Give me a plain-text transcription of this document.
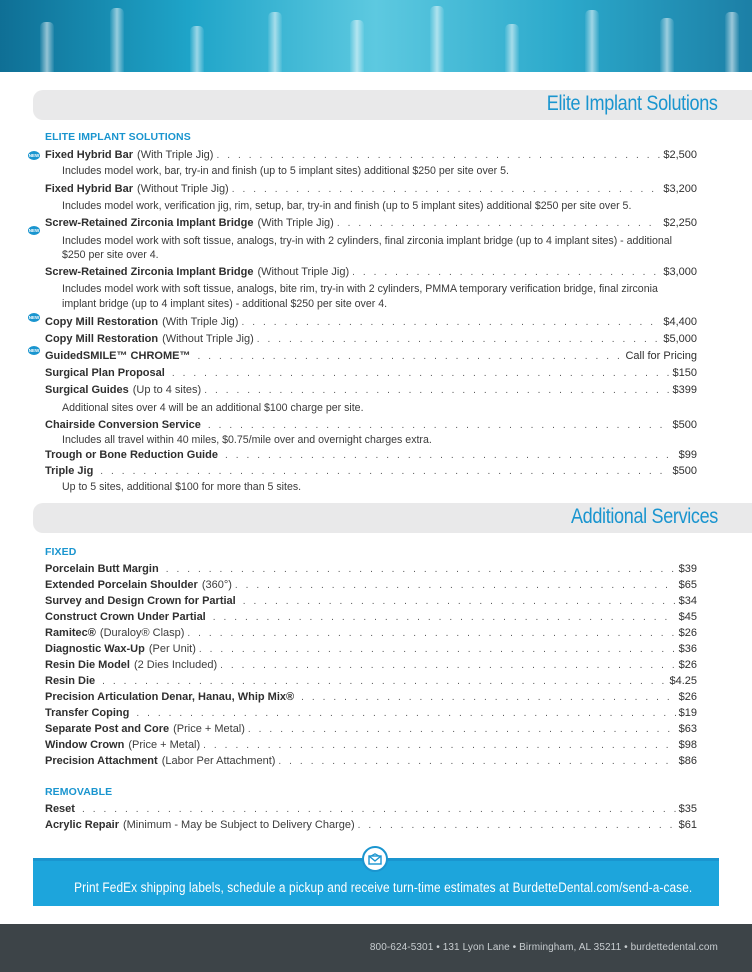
Elite Implant Solutions
ELITE IMPLANT SOLUTIONS
NEW Fixed Hybrid Bar (With Triple Jig) . . .	$2,500
Includes model work, bar, try-in and finish (up to 5 implant sites) additional $250 per site over 5.
Fixed Hybrid Bar (Without Triple Jig) . . .	$3,200
Includes model work, verification jig, rim, setup, bar, try-in and finish (up to 5 implant sites) additional $250 per site over 5.
NEW
Screw-Retained Zirconia Implant Bridge (With Triple Jig) . . .	$2,250
Includes model work with soft tissue, analogs, try-in with 2 cylinders, final zirconia implant bridge (up to 4 implant sites) - additional
$250 per site over 4.
Screw-Retained Zirconia Implant Bridge (Without Triple Jig) . . .	$3,000
Includes model work with soft tissue, analogs, bite rim, try-in with 2 cylinders, PMMA temporary verification bridge, final zirconia
implant bridge (up to 4 implant sites) - additional $250 per site over 4.
NEW Copy Mill Restoration (With Triple Jig) . . .	$4,400
Copy Mill Restoration (Without Triple Jig) . . .	$5,000
NEW GuidedSMILE™ CHROME™ . . .	Call for Pricing
Surgical Plan Proposal . . .	$150
Surgical Guides (Up to 4 sites) . . .	$399
Additional sites over 4 will be an additional $100 charge per site.
Chairside Conversion Service . . .	$500
Includes all travel within 40 miles, $0.75/mile over and overnight charges extra.
Trough or Bone Reduction Guide . . .	$99
Triple Jig . . .	$500
Up to 5 sites, additional $100 for more than 5 sites.
Additional Services
FIXED
Porcelain Butt Margin . . .	$39
Extended Porcelain Shoulder (360°) . . .	$65
Survey and Design Crown for Partial . . .	$34
Construct Crown Under Partial . . .	$45
Ramitec® (Duraloy® Clasp) . . .	$26
Diagnostic Wax-Up (Per Unit) . . .	$36
Resin Die Model (2 Dies Included) . . .	$26
Resin Die . . .	$4.25
Precision Articulation Denar, Hanau, Whip Mix® . . .	$26
Transfer Coping . . .	$19
Separate Post and Core (Price + Metal) . . .	$63
Window Crown (Price + Metal) . . .	$98
Precision Attachment (Labor Per Attachment) . . .	$86
REMOVABLE
Reset . . .	$35
Acrylic Repair (Minimum - May be Subject to Delivery Charge) . . .	$61
Print FedEx shipping labels, schedule a pickup and receive turn-time estimates at BurdetteDental.com/send-a-case.
800-624-5301 • 131 Lyon Lane • Birmingham, AL 35211 • burdettedental.com
